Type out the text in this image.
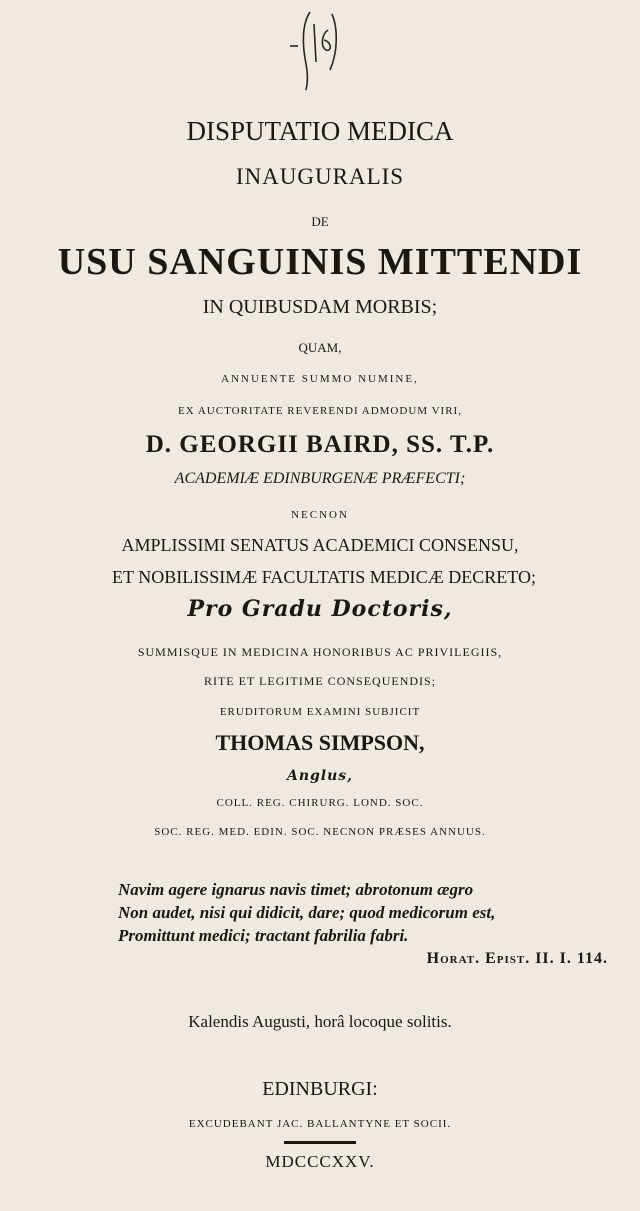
DISPUTATIO MEDICA
INAUGURALIS
DE
USU SANGUINIS MITTENDI
IN QUIBUSDAM MORBIS;
QUAM,
ANNUENTE SUMMO NUMINE,
EX AUCTORITATE REVERENDI ADMODUM VIRI,
D. GEORGII BAIRD, SS. T.P.
ACADEMIÆ EDINBURGENÆ PRÆFECTI;
NECNON
AMPLISSIMI SENATUS ACADEMICI CONSENSU,
ET NOBILISSIMÆ FACULTATIS MEDICÆ DECRETO;
Pro Gradu Doctoris,
SUMMISQUE IN MEDICINA HONORIBUS AC PRIVILEGIIS,
RITE ET LEGITIME CONSEQUENDIS;
ERUDITORUM EXAMINI SUBJICIT
THOMAS SIMPSON,
Anglus,
COLL. REG. CHIRURG. LOND. SOC.
SOC. REG. MED. EDIN. SOC. NECNON PRÆSES ANNUUS.
Navim agere ignarus navis timet; abrotonum ægro
Non audet, nisi qui didicit, dare; quod medicorum est,
Promittunt medici; tractant fabrilia fabri.
Horat. Epist. II. I. 114.
Kalendis Augusti, horâ locoque solitis.
EDINBURGI:
EXCUDEBANT JAC. BALLANTYNE ET SOCII.
MDCCCXXV.
